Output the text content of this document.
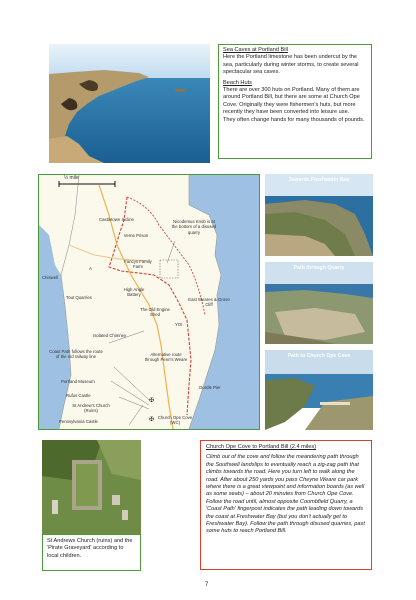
Sea Caves at Portland Bill
Here the Portland limestone has been undercut by the sea, particularly during winter storms, to create several spectacular sea caves.
Beach Huts
There are over 300 huts on Portland. Many of them are around Portland Bill, but there are some at Church Ope Cove. Originally they were fishermen's huts, but more recently they have been converted into leisure use.
They often change hands for many thousands of pounds.
✠
✠
½ mile
Castletown Incline
Verne Prison
Nicodemus Knob is at the bottom of a disused quarry
Chiswell
A
Fancys Family Farm
Tout Quarries
High Angle Battery
The Old Engine Shed
East Weares & Grove Cliff
YOI
Isolated Chimney
Coast Path follows the route of the old railway line	Alternative route through Penn's Weare
Portland Museum
Rufus Castle
St Andrew's Church (Ruins)
Pennsylvania Castle
Durdle Pier
Church Ope Cove (WC)
Towards Freshwater Bay
Path through Quarry
Path to Church Ope Cove
St Andrews Church (ruins) and the 'Pirate Graveyard' according to local children.
Church Ope Cove to Portland Bill (2.4 miles)
Climb out of the cove and follow the meandering path through the Southwell landslips to eventually reach a zig-zag path that climbs towards the road. Here you turn left to walk along the road. After about 250 yards you pass Cheyne Weare car park where there is a great viewpoint and information boards (as well as some seats) – about 20 minutes from Church Ope Cove. Follow the road until, almost opposite Coombfield Quarry, a 'Coast Path' fingerpost indicates the path leading down towards the coast at Freshwater Bay (but you don't actually get to Freshwater Bay). Follow the path through disused quarries, past some huts to reach Portland Bill.
7
